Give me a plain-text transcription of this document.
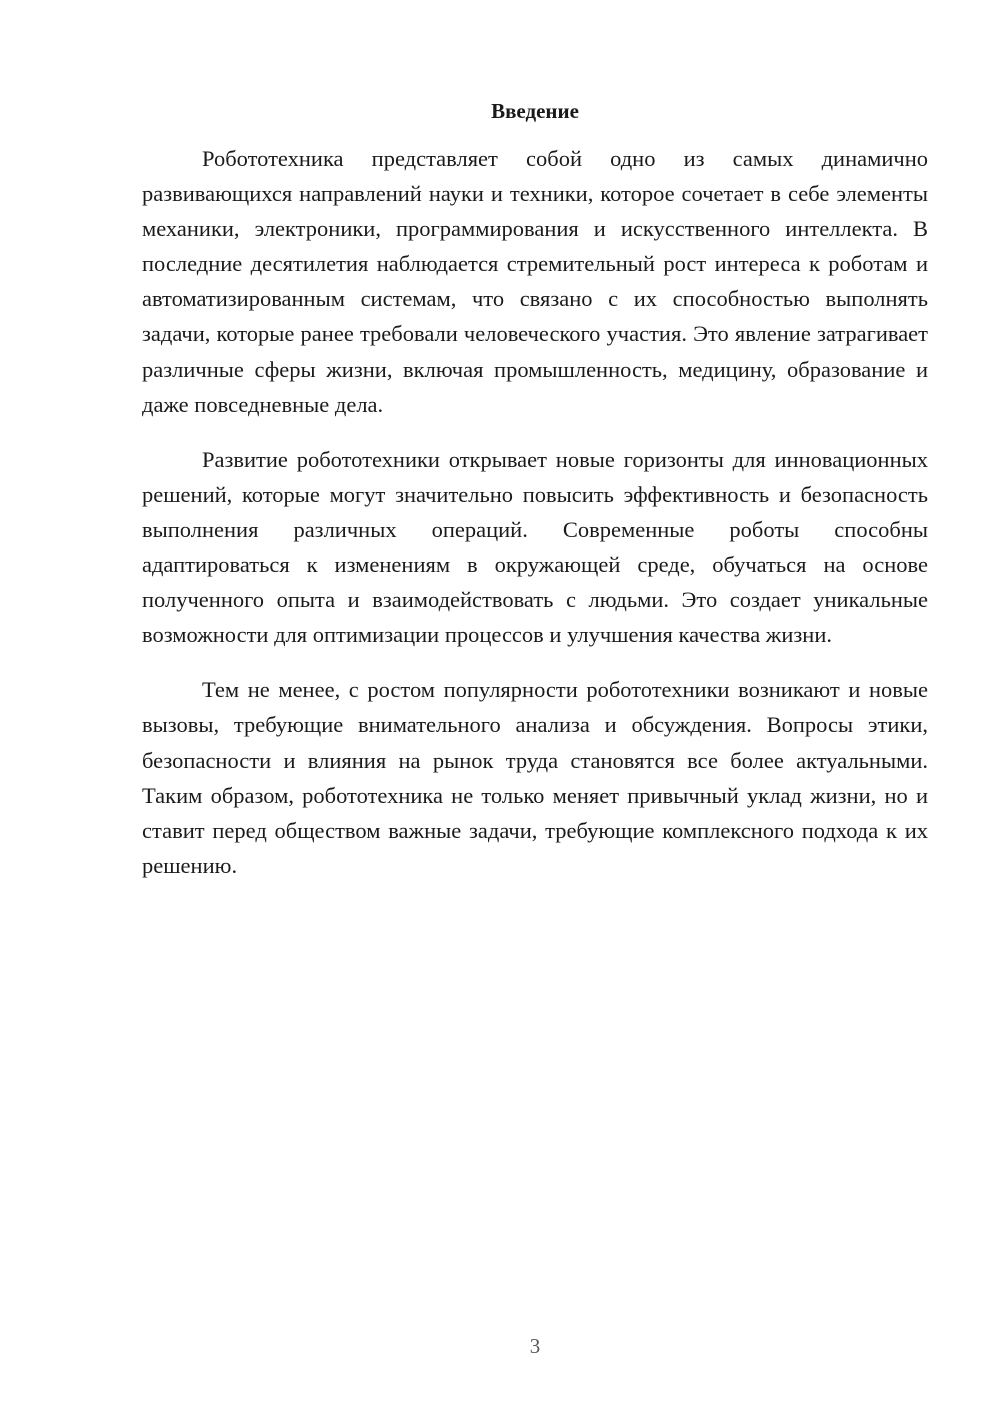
Введение

Робототехника представляет собой одно из самых динамично развивающихся направлений науки и техники, которое сочетает в себе элементы механики, электроники, программирования и искусственного интеллекта. В последние десятилетия наблюдается стремительный рост интереса к роботам и автоматизированным системам, что связано с их способностью выполнять задачи, которые ранее требовали человеческого участия. Это явление затрагивает различные сферы жизни, включая промышленность, медицину, образование и даже повседневные дела.

Развитие робототехники открывает новые горизонты для инновационных решений, которые могут значительно повысить эффективность и безопасность выполнения различных операций. Современные роботы способны адаптироваться к изменениям в окружающей среде, обучаться на основе полученного опыта и взаимодействовать с людьми. Это создает уникальные возможности для оптимизации процессов и улучшения качества жизни.

Тем не менее, с ростом популярности робототехники возникают и новые вызовы, требующие внимательного анализа и обсуждения. Вопросы этики, безопасности и влияния на рынок труда становятся все более актуальными. Таким образом, робототехника не только меняет привычный уклад жизни, но и ставит перед обществом важные задачи, требующие комплексного подхода к их решению.

3
